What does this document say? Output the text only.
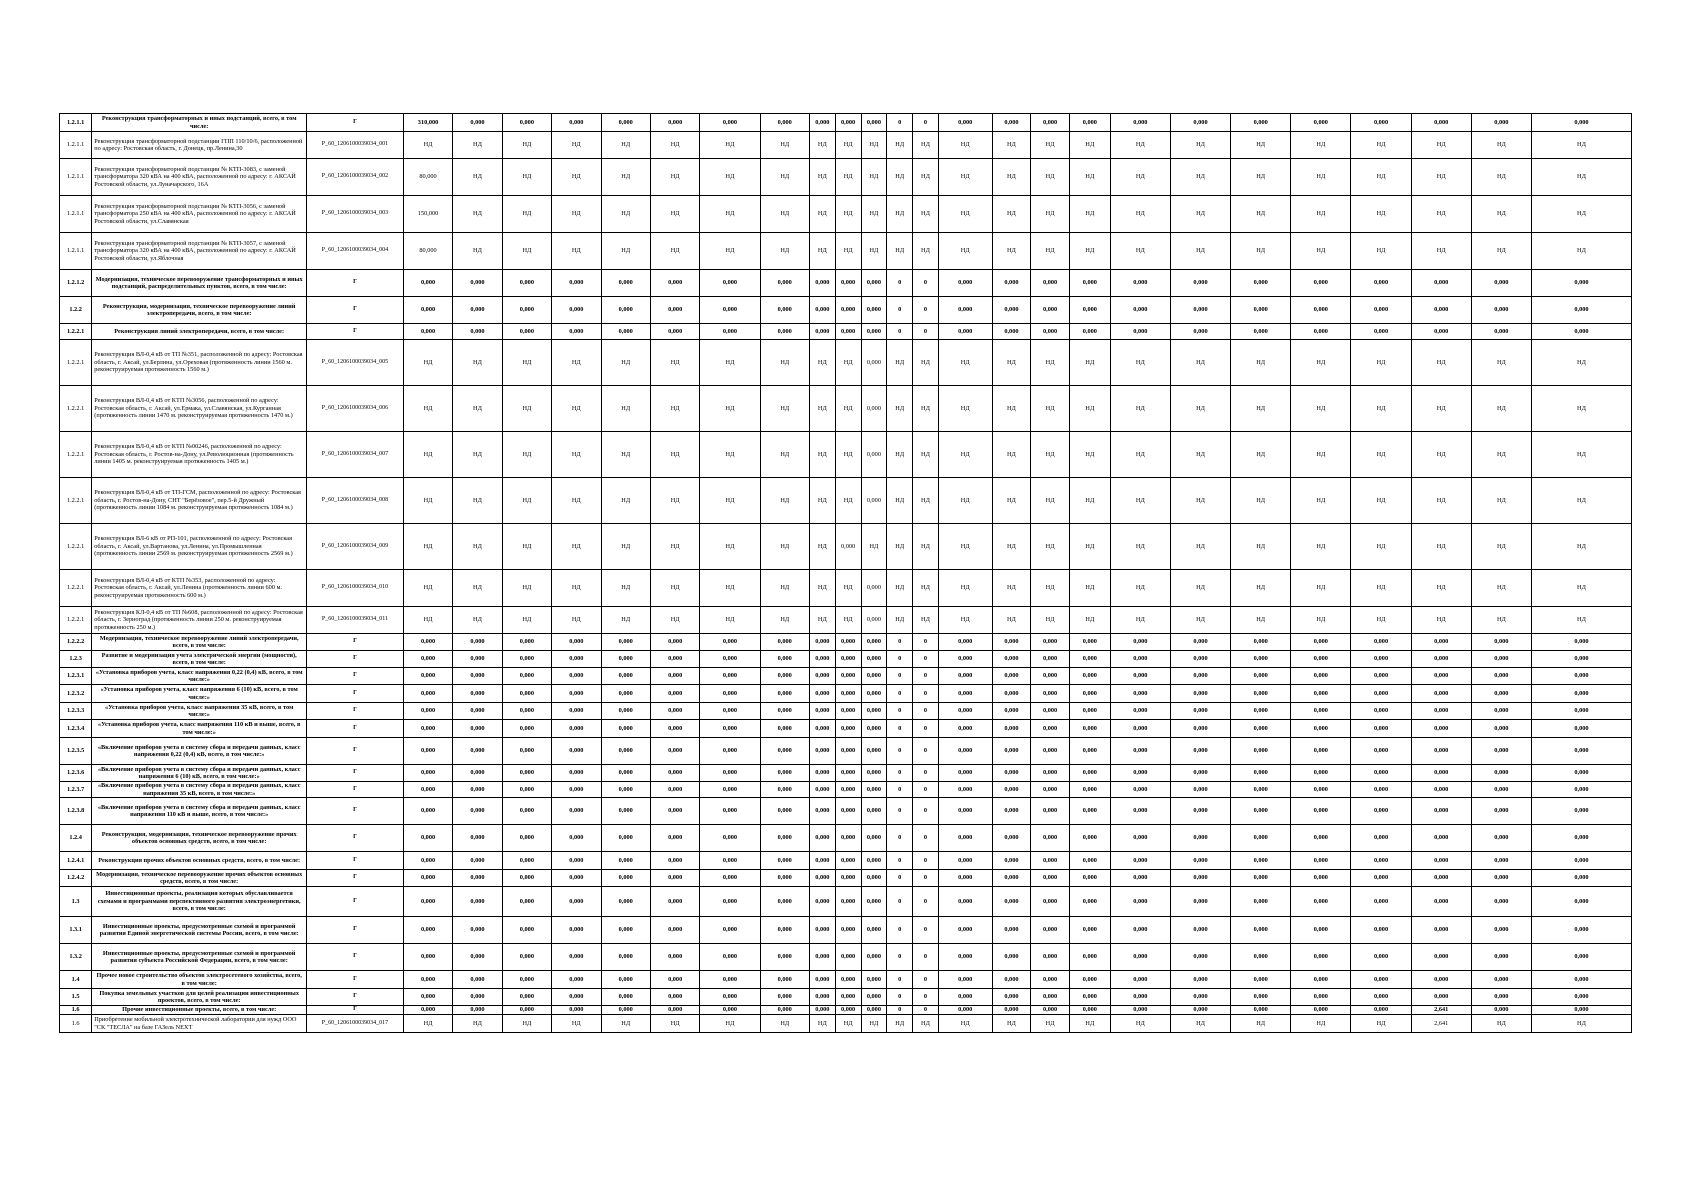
1.2.1.1	Реконструкция трансформаторных и иных подстанций, всего, в том числе:	Г	310,000	0,000	0,000	0,000	0,000	0,000	0,000	0,000	0,000	0,000	0,000	0	0	0,000	0,000	0,000	0,000	0,000	0,000	0,000	0,000	0,000	0,000	0,000	0,000
1.2.1.1	Реконструкция трансформаторной подстанции ГПП 110/10/6, расположенной по адресу: Ростовская область, г. Донецк, пр.Ленина,30	P_60_1206100039034_001	НД	НД	НД	НД	НД	НД	НД	НД	НД	НД	НД	НД	НД	НД	НД	НД	НД	НД	НД	НД	НД	НД	НД	НД	НД
1.2.1.1	Реконструкция трансформаторной подстанции № КТП-3083, с заменой трансформатора 320 кВА на 400 кВА, расположенной по адресу: г. АКСАЙ Ростовской области, ул.Луначарского, 16А	P_60_1206100039034_002	80,000	НД	НД	НД	НД	НД	НД	НД	НД	НД	НД	НД	НД	НД	НД	НД	НД	НД	НД	НД	НД	НД	НД	НД	НД
1.2.1.1	Реконструкция трансформаторной подстанции № КТП-3056, с заменой трансформатора 250 кВА на 400 кВА, расположенной по адресу: г. АКСАЙ Ростовской области, ул.Славянская	P_60_1206100039034_003	150,000	НД	НД	НД	НД	НД	НД	НД	НД	НД	НД	НД	НД	НД	НД	НД	НД	НД	НД	НД	НД	НД	НД	НД	НД
1.2.1.1	Реконструкция трансформаторной подстанции № КТП-3057, с заменой трансформатора 320 кВА на 400 кВА, расположенной по адресу: г. АКСАЙ Ростовской области, ул.Яблочная	P_60_1206100039034_004	80,000	НД	НД	НД	НД	НД	НД	НД	НД	НД	НД	НД	НД	НД	НД	НД	НД	НД	НД	НД	НД	НД	НД	НД	НД
1.2.1.2	Модернизация, техническое перевооружение трансформаторных и иных подстанций, распределительных пунктов, всего, в том числе:	Г	0,000	0,000	0,000	0,000	0,000	0,000	0,000	0,000	0,000	0,000	0,000	0	0	0,000	0,000	0,000	0,000	0,000	0,000	0,000	0,000	0,000	0,000	0,000	0,000
1.2.2	Реконструкция, модернизация, техническое перевооружение линий электропередачи, всего, в том числе:	Г	0,000	0,000	0,000	0,000	0,000	0,000	0,000	0,000	0,000	0,000	0,000	0	0	0,000	0,000	0,000	0,000	0,000	0,000	0,000	0,000	0,000	0,000	0,000	0,000
1.2.2.1	Реконструкция линий электропередачи, всего, в том числе:	Г	0,000	0,000	0,000	0,000	0,000	0,000	0,000	0,000	0,000	0,000	0,000	0	0	0,000	0,000	0,000	0,000	0,000	0,000	0,000	0,000	0,000	0,000	0,000	0,000
1.2.2.1	Реконструкция ВЛ-0,4 кВ от ТП №351, расположенной по адресу: Ростовская область, г. Аксай, ул.Берлина, ул.Ореховая (протяженность линии 1560 м. реконструируемая протяженность 1560 м.)	P_60_1206100039034_005	НД	НД	НД	НД	НД	НД	НД	НД	НД	НД	0,000	НД	НД	НД	НД	НД	НД	НД	НД	НД	НД	НД	НД	НД	НД
1.2.2.1	Реконструкция ВЛ-0,4 кВ от КТП №3056, расположенной по адресу: Ростовская область, г. Аксай, ул.Ермака, ул.Славянская, ул.Курганная (протяженность линии 1470 м. реконструируемая протяженность 1470 м.)	P_60_1206100039034_006	НД	НД	НД	НД	НД	НД	НД	НД	НД	НД	0,000	НД	НД	НД	НД	НД	НД	НД	НД	НД	НД	НД	НД	НД	НД
1.2.2.1	Реконструкция ВЛ-0,4 кВ от КТП №00246, расположенной по адресу: Ростовская область, г. Ростов-на-Дону, ул.Революционная (протяженность линии 1405 м. реконструируемая протяженность 1405 м.)	P_60_1206100039034_007	НД	НД	НД	НД	НД	НД	НД	НД	НД	НД	0,000	НД	НД	НД	НД	НД	НД	НД	НД	НД	НД	НД	НД	НД	НД
1.2.2.1	Реконструкция ВЛ-0,4 кВ от ТП-ГСМ, расположенной по адресу: Ростовская область, г. Ростов-на-Дону, СНТ "Берёзовое", пер.5-й Дружный (протяженность линии 1084 м. реконструируемая протяженность 1084 м.)	P_60_1206100039034_008	НД	НД	НД	НД	НД	НД	НД	НД	НД	НД	0,000	НД	НД	НД	НД	НД	НД	НД	НД	НД	НД	НД	НД	НД	НД
1.2.2.1	Реконструкция ВЛ-6 кВ от РП-101, расположенной по адресу: Ростовская область, г. Аксай, ул.Вартанова, ул.Ленина, ул.Промышленная (протяженность линии 2569 м. реконструируемая протяженность 2569 м.)	P_60_1206100039034_009	НД	НД	НД	НД	НД	НД	НД	НД	НД	0,000	НД	НД	НД	НД	НД	НД	НД	НД	НД	НД	НД	НД	НД	НД	НД
1.2.2.1	Реконструкция ВЛ-0,4 кВ от КТП №353, расположенной по адресу: Ростовская область, г. Аксай, ул.Ленина (протяженность линии 600 м. реконструируемая протяженность 600 м.)	P_60_1206100039034_010	НД	НД	НД	НД	НД	НД	НД	НД	НД	НД	0,000	НД	НД	НД	НД	НД	НД	НД	НД	НД	НД	НД	НД	НД	НД
1.2.2.1	Реконструкция КЛ-0,4 кВ от ТП №608, расположенной по адресу: Ростовская область, г. Зерноград (протяженность линии 250 м. реконструируемая протяженность 250 м.)	P_60_1206100039034_011	НД	НД	НД	НД	НД	НД	НД	НД	НД	НД	0,000	НД	НД	НД	НД	НД	НД	НД	НД	НД	НД	НД	НД	НД	НД
1.2.2.2	Модернизация, техническое перевооружение линий электропередачи, всего, в том числе:	Г	0,000	0,000	0,000	0,000	0,000	0,000	0,000	0,000	0,000	0,000	0,000	0	0	0,000	0,000	0,000	0,000	0,000	0,000	0,000	0,000	0,000	0,000	0,000	0,000
1.2.3	Развитие и модернизация учета электрической энергии (мощности), всего, в том числе:	Г	0,000	0,000	0,000	0,000	0,000	0,000	0,000	0,000	0,000	0,000	0,000	0	0	0,000	0,000	0,000	0,000	0,000	0,000	0,000	0,000	0,000	0,000	0,000	0,000
1.2.3.1	«Установка приборов учета, класс напряжения 0,22 (0,4) кВ, всего, в том числе:»	Г	0,000	0,000	0,000	0,000	0,000	0,000	0,000	0,000	0,000	0,000	0,000	0	0	0,000	0,000	0,000	0,000	0,000	0,000	0,000	0,000	0,000	0,000	0,000	0,000
1.2.3.2	«Установка приборов учета, класс напряжения 6 (10) кВ, всего, в том числе:»	Г	0,000	0,000	0,000	0,000	0,000	0,000	0,000	0,000	0,000	0,000	0,000	0	0	0,000	0,000	0,000	0,000	0,000	0,000	0,000	0,000	0,000	0,000	0,000	0,000
1.2.3.3	«Установка приборов учета, класс напряжения 35 кВ, всего, в том числе:»	Г	0,000	0,000	0,000	0,000	0,000	0,000	0,000	0,000	0,000	0,000	0,000	0	0	0,000	0,000	0,000	0,000	0,000	0,000	0,000	0,000	0,000	0,000	0,000	0,000
1.2.3.4	«Установка приборов учета, класс напряжения 110 кВ и выше, всего, в том числе:»	Г	0,000	0,000	0,000	0,000	0,000	0,000	0,000	0,000	0,000	0,000	0,000	0	0	0,000	0,000	0,000	0,000	0,000	0,000	0,000	0,000	0,000	0,000	0,000	0,000
1.2.3.5	«Включение приборов учета в систему сбора и передачи данных, класс напряжения 0,22 (0,4) кВ, всего, в том числе:»	Г	0,000	0,000	0,000	0,000	0,000	0,000	0,000	0,000	0,000	0,000	0,000	0	0	0,000	0,000	0,000	0,000	0,000	0,000	0,000	0,000	0,000	0,000	0,000	0,000
1.2.3.6	«Включение приборов учета в систему сбора и передачи данных, класс напряжения 6 (10) кВ, всего, в том числе:»	Г	0,000	0,000	0,000	0,000	0,000	0,000	0,000	0,000	0,000	0,000	0,000	0	0	0,000	0,000	0,000	0,000	0,000	0,000	0,000	0,000	0,000	0,000	0,000	0,000
1.2.3.7	«Включение приборов учета в систему сбора и передачи данных, класс напряжения 35 кВ, всего, в том числе:»	Г	0,000	0,000	0,000	0,000	0,000	0,000	0,000	0,000	0,000	0,000	0,000	0	0	0,000	0,000	0,000	0,000	0,000	0,000	0,000	0,000	0,000	0,000	0,000	0,000
1.2.3.8	«Включение приборов учета в систему сбора и передачи данных, класс напряжения 110 кВ и выше, всего, в том числе:»	Г	0,000	0,000	0,000	0,000	0,000	0,000	0,000	0,000	0,000	0,000	0,000	0	0	0,000	0,000	0,000	0,000	0,000	0,000	0,000	0,000	0,000	0,000	0,000	0,000
1.2.4	Реконструкция, модернизация, техническое перевооружение прочих объектов основных средств, всего, в том числе:	Г	0,000	0,000	0,000	0,000	0,000	0,000	0,000	0,000	0,000	0,000	0,000	0	0	0,000	0,000	0,000	0,000	0,000	0,000	0,000	0,000	0,000	0,000	0,000	0,000
1.2.4.1	Реконструкция прочих объектов основных средств, всего, в том числе:	Г	0,000	0,000	0,000	0,000	0,000	0,000	0,000	0,000	0,000	0,000	0,000	0	0	0,000	0,000	0,000	0,000	0,000	0,000	0,000	0,000	0,000	0,000	0,000	0,000
1.2.4.2	Модернизация, техническое перевооружение прочих объектов основных средств, всего, в том числе:	Г	0,000	0,000	0,000	0,000	0,000	0,000	0,000	0,000	0,000	0,000	0,000	0	0	0,000	0,000	0,000	0,000	0,000	0,000	0,000	0,000	0,000	0,000	0,000	0,000
1.3	Инвестиционные проекты, реализация которых обуславливается схемами и программами перспективного развития электроэнергетики, всего, в том числе:	Г	0,000	0,000	0,000	0,000	0,000	0,000	0,000	0,000	0,000	0,000	0,000	0	0	0,000	0,000	0,000	0,000	0,000	0,000	0,000	0,000	0,000	0,000	0,000	0,000
1.3.1	Инвестиционные проекты, предусмотренные схемой и программой развития Единой энергетической системы России, всего, в том числе:	Г	0,000	0,000	0,000	0,000	0,000	0,000	0,000	0,000	0,000	0,000	0,000	0	0	0,000	0,000	0,000	0,000	0,000	0,000	0,000	0,000	0,000	0,000	0,000	0,000
1.3.2	Инвестиционные проекты, предусмотренные схемой и программой развития субъекта Российской Федерации, всего, в том числе:	Г	0,000	0,000	0,000	0,000	0,000	0,000	0,000	0,000	0,000	0,000	0,000	0	0	0,000	0,000	0,000	0,000	0,000	0,000	0,000	0,000	0,000	0,000	0,000	0,000
1.4	Прочее новое строительство объектов электросетевого хозяйства, всего, в том числе:	Г	0,000	0,000	0,000	0,000	0,000	0,000	0,000	0,000	0,000	0,000	0,000	0	0	0,000	0,000	0,000	0,000	0,000	0,000	0,000	0,000	0,000	0,000	0,000	0,000
1.5	Покупка земельных участков для целей реализации инвестиционных проектов, всего, в том числе:	Г	0,000	0,000	0,000	0,000	0,000	0,000	0,000	0,000	0,000	0,000	0,000	0	0	0,000	0,000	0,000	0,000	0,000	0,000	0,000	0,000	0,000	0,000	0,000	0,000
1.6	Прочие инвестиционные проекты, всего, в том числе:	Г	0,000	0,000	0,000	0,000	0,000	0,000	0,000	0,000	0,000	0,000	0,000	0	0	0,000	0,000	0,000	0,000	0,000	0,000	0,000	0,000	0,000	2,641	0,000	0,000
1.6	Приобретение мобильной электротехнической лаборатории для нужд ООО "СК "ТЕСЛА" на базе ГАЗель NEXT	P_60_1206100039034_017	НД	НД	НД	НД	НД	НД	НД	НД	НД	НД	НД	НД	НД	НД	НД	НД	НД	НД	НД	НД	НД	НД	2,641	НД	НД
